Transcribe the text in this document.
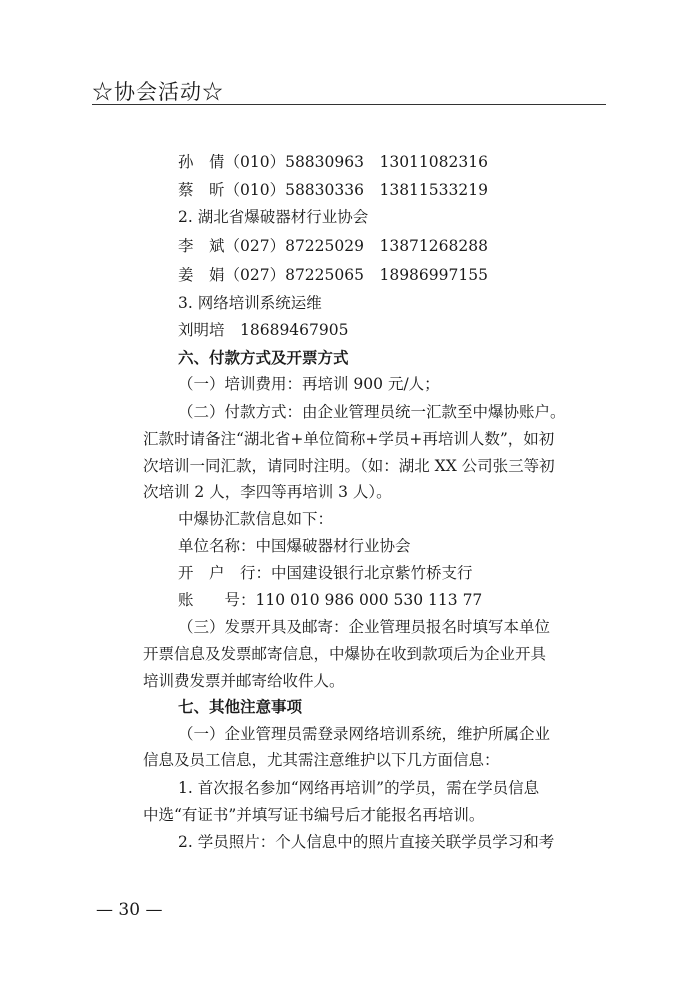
☆协会活动☆
孙　倩（010）58830963　13011082316
蔡　昕（010）58830336　13811533219
2. 湖北省爆破器材行业协会
李　斌（027）87225029　13871268288
姜　娟（027）87225065　18986997155
3. 网络培训系统运维
刘明培　18689467905
六、付款方式及开票方式
（一）培训费用：再培训 900 元/人；
（二）付款方式：由企业管理员统一汇款至中爆协账户。
汇款时请备注“湖北省+单位简称+学员+再培训人数”，如初
次培训一同汇款，请同时注明。（如：湖北 XX 公司张三等初
次培训 2 人，李四等再培训 3 人）。
中爆协汇款信息如下：
单位名称：中国爆破器材行业协会
开　户　行：中国建设银行北京紫竹桥支行
账　　号：110 010 986 000 530 113 77
（三）发票开具及邮寄：企业管理员报名时填写本单位
开票信息及发票邮寄信息，中爆协在收到款项后为企业开具
培训费发票并邮寄给收件人。
七、其他注意事项
（一）企业管理员需登录网络培训系统，维护所属企业
信息及员工信息，尤其需注意维护以下几方面信息：
1. 首次报名参加“网络再培训”的学员，需在学员信息
中选“有证书”并填写证书编号后才能报名再培训。
2. 学员照片：个人信息中的照片直接关联学员学习和考
— 30 —
